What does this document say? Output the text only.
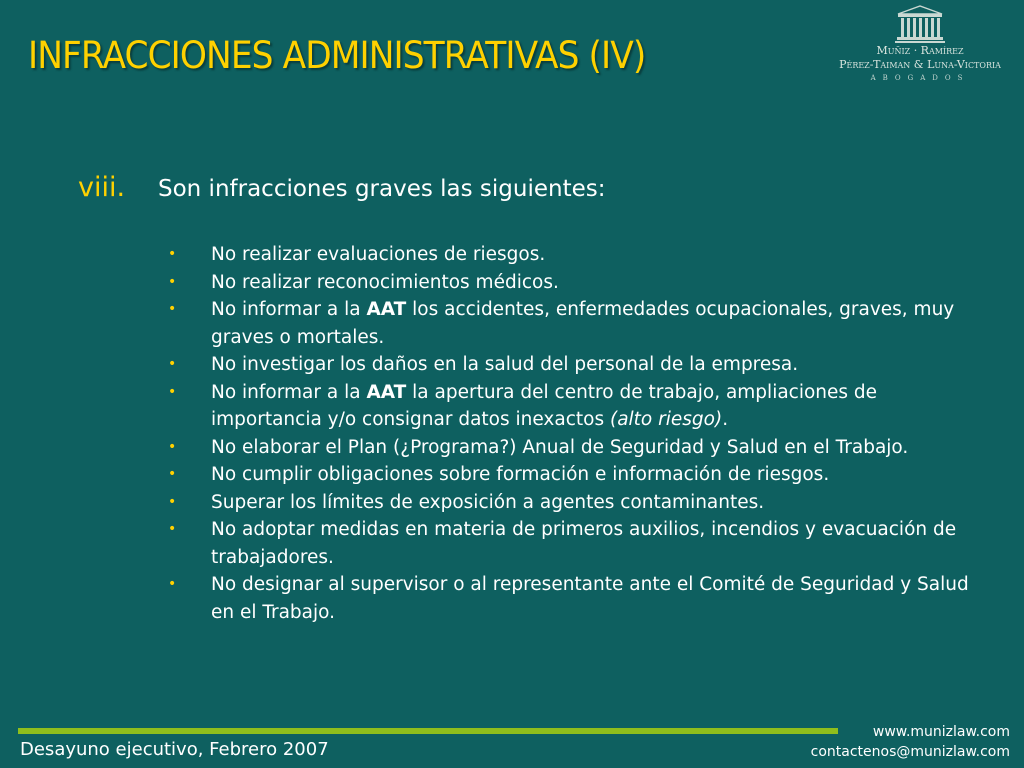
INFRACCIONES ADMINISTRATIVAS (IV)	Muñiz · Ramírez
Pérez-Taiman & Luna-Victoria
ABOGADOS
viii.	Son infracciones graves las siguientes:
• No realizar evaluaciones de riesgos.
• No realizar reconocimientos médicos.
• No informar a la AAT los accidentes, enfermedades ocupacionales, graves, muy graves o mortales.
• No investigar los daños en la salud del personal de la empresa.
• No informar a la AAT la apertura del centro de trabajo, ampliaciones de importancia y/o consignar datos inexactos (alto riesgo).
• No elaborar el Plan (¿Programa?) Anual de Seguridad y Salud en el Trabajo.
• No cumplir obligaciones sobre formación e información de riesgos.
• Superar los límites de exposición a agentes contaminantes.
• No adoptar medidas en materia de primeros auxilios, incendios y evacuación de trabajadores.
• No designar al supervisor o al representante ante el Comité de Seguridad y Salud en el Trabajo.
Desayuno ejecutivo, Febrero 2007
www.munizlaw.com
contactenos@munizlaw.com
